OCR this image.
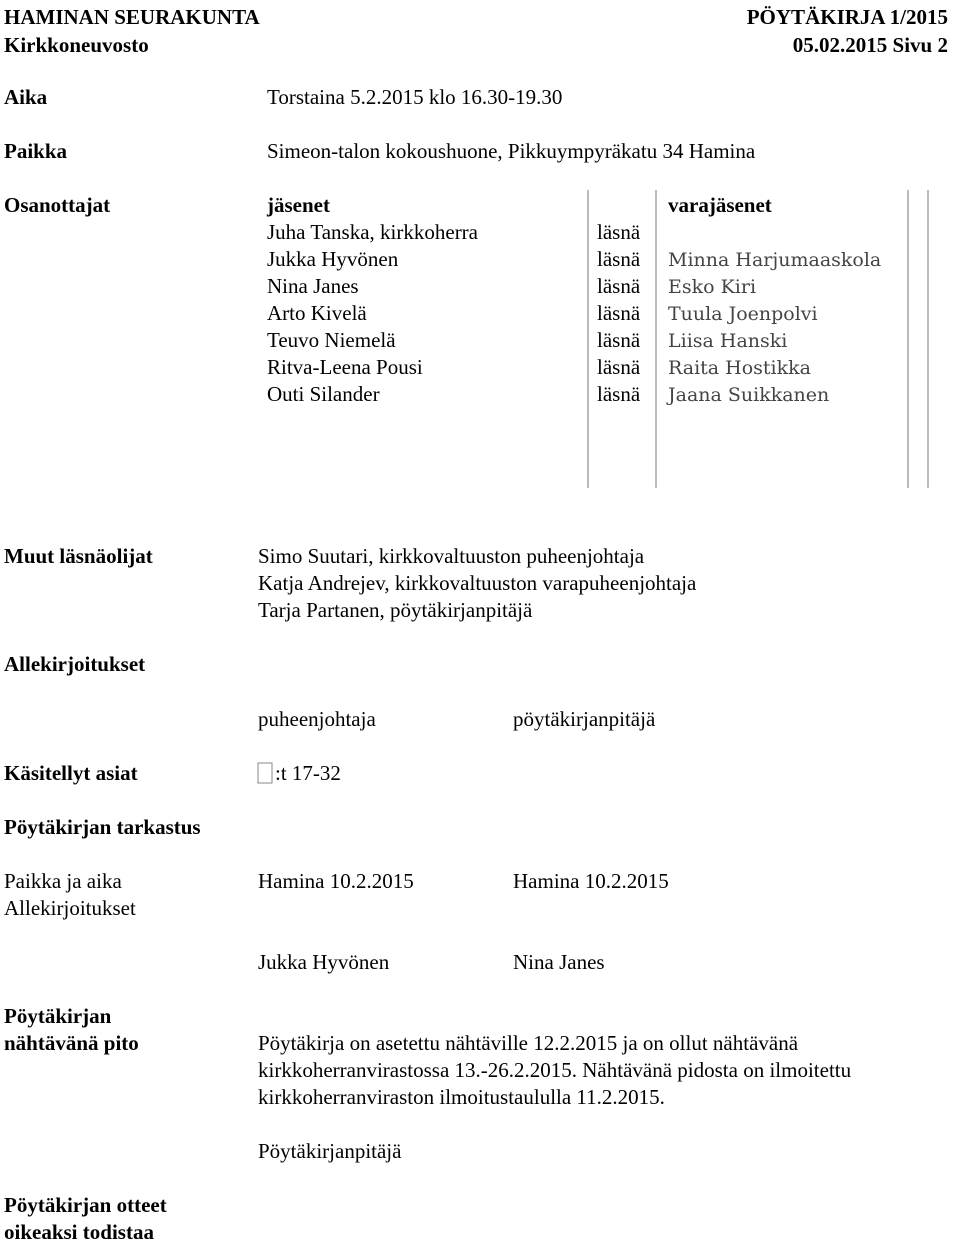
HAMINAN SEURAKUNTA
Kirkkoneuvosto
PÖYTÄKIRJA 1/2015
05.02.2015 Sivu 2
Aika	Torstaina 5.2.2015 klo 16.30-19.30
Paikka	Simeon-talon kokoushuone, Pikkuympyräkatu 34 Hamina
Osanottajat	jäsenet	varajäsenet
Juha Tanska, kirkkoherra	läsnä
Jukka Hyvönen	läsnä Minna Harjumaaskola
Nina Janes	läsnä Esko Kiri
Arto Kivelä	läsnä Tuula Joenpolvi
Teuvo Niemelä	läsnä Liisa Hanski
Ritva-Leena Pousi	läsnä Raita Hostikka
Outi Silander	läsnä Jaana Suikkanen
Muut läsnäolijat	Simo Suutari, kirkkovaltuuston puheenjohtaja
Katja Andrejev, kirkkovaltuuston varapuheenjohtaja
Tarja Partanen, pöytäkirjanpitäjä
Allekirjoitukset
puheenjohtaja	pöytäkirjanpitäjä
Käsitellyt asiat	:t 17-32
Pöytäkirjan tarkastus
Paikka ja aika
Allekirjoitukset
Hamina 10.2.2015	Hamina 10.2.2015
Jukka Hyvönen	Nina Janes
Pöytäkirjan
nähtävänä pito	Pöytäkirja on asetettu nähtäville 12.2.2015 ja on ollut nähtävänä
kirkkoherranvirastossa 13.-26.2.2015. Nähtävänä pidosta on ilmoitettu
kirkkoherranviraston ilmoitustaululla 11.2.2015.
Pöytäkirjanpitäjä
Pöytäkirjan otteet
oikeaksi todistaa
